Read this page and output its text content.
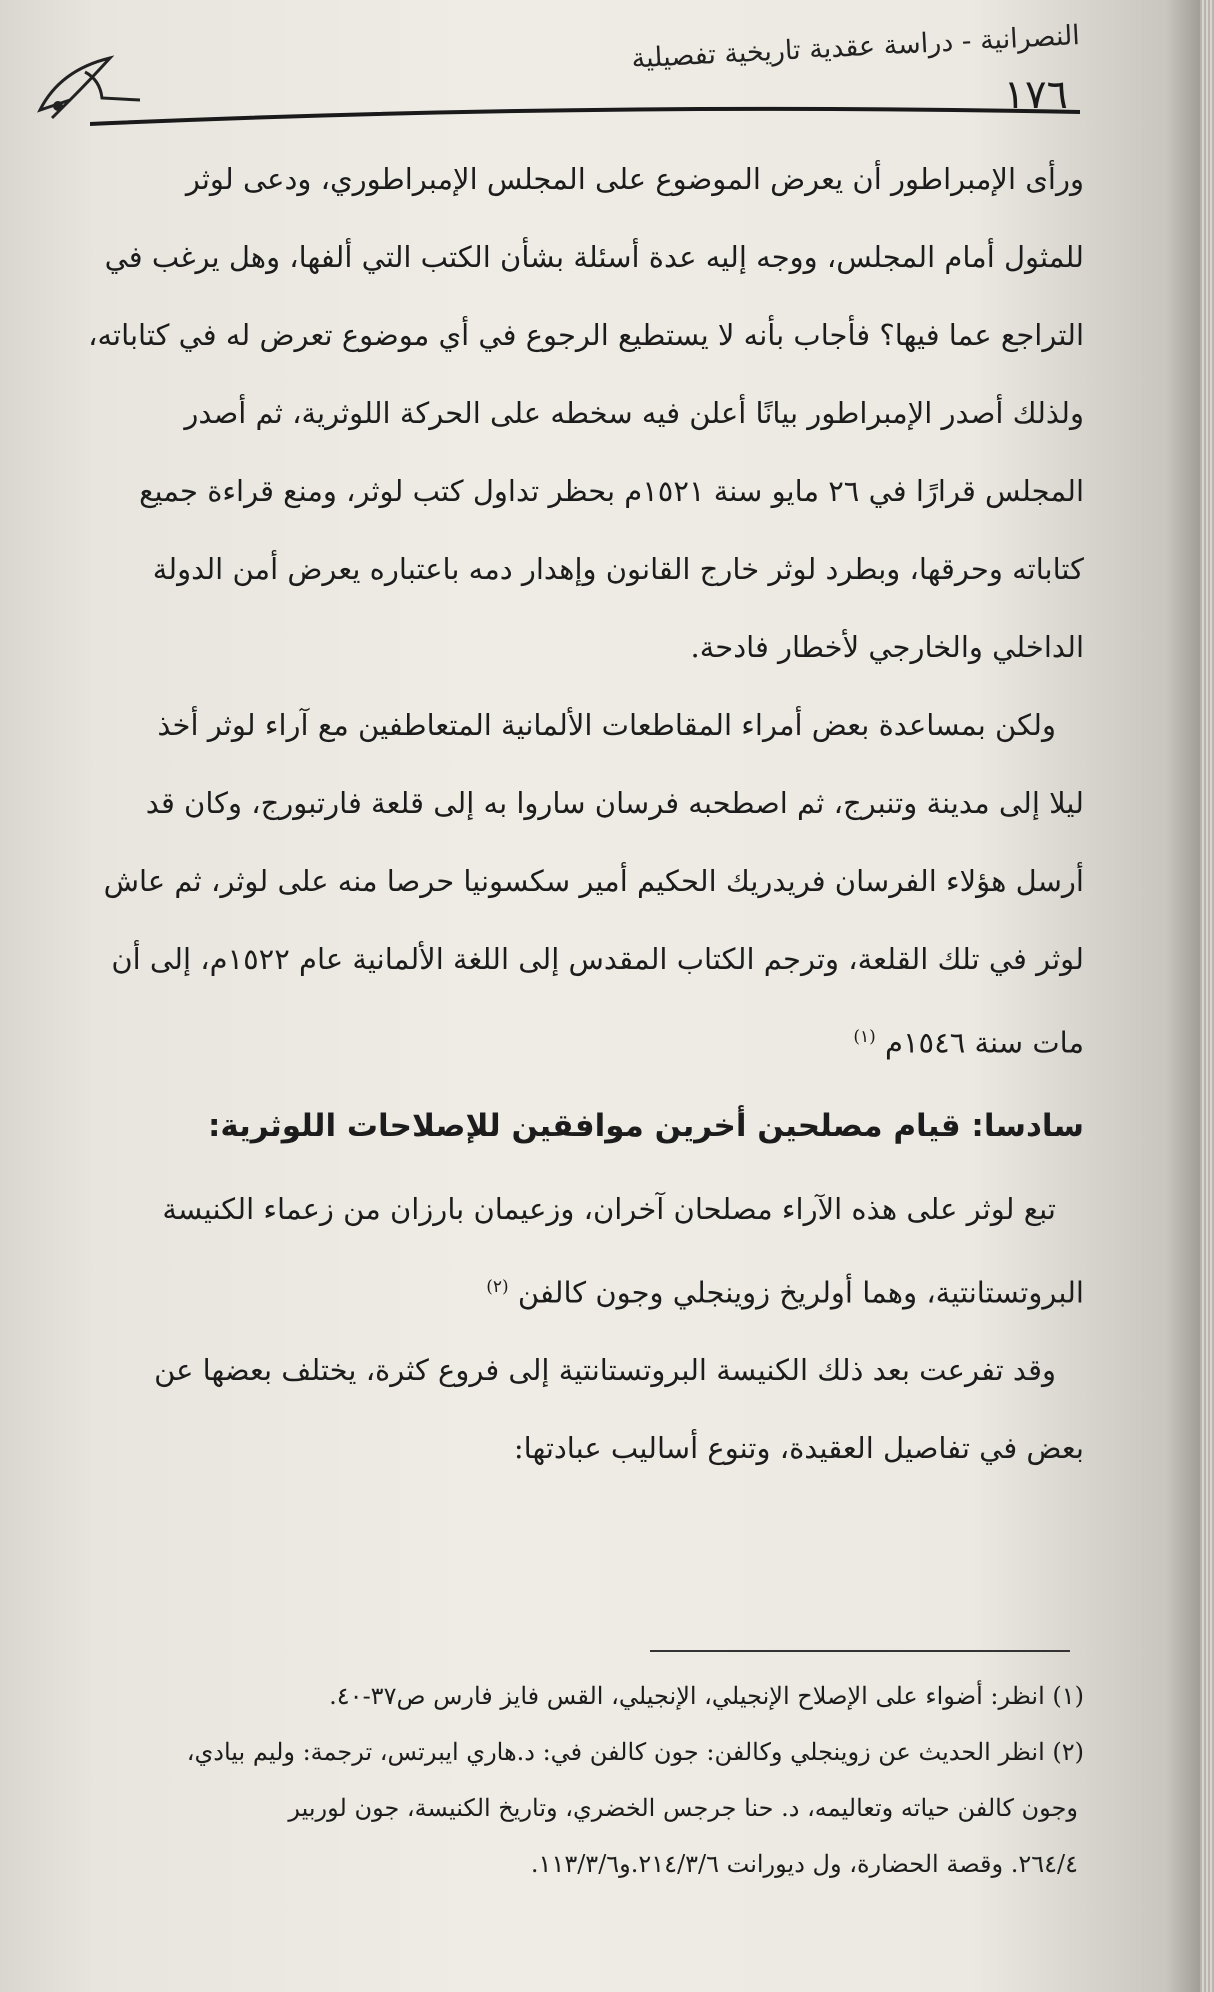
النصرانية - دراسة عقدية تاريخية تفصيلية
١٧٦

ورأى الإمبراطور أن يعرض الموضوع على المجلس الإمبراطوري، ودعى لوثر
للمثول أمام المجلس، ووجه إليه عدة أسئلة بشأن الكتب التي ألفها، وهل يرغب في
التراجع عما فيها؟ فأجاب بأنه لا يستطيع الرجوع في أي موضوع تعرض له في كتاباته،
ولذلك أصدر الإمبراطور بيانًا أعلن فيه سخطه على الحركة اللوثرية، ثم أصدر
المجلس قرارًا في ٢٦ مايو سنة ١٥٢١م بحظر تداول كتب لوثر، ومنع قراءة جميع
كتاباته وحرقها، وبطرد لوثر خارج القانون وإهدار دمه باعتباره يعرض أمن الدولة
الداخلي والخارجي لأخطار فادحة.

ولكن بمساعدة بعض أمراء المقاطعات الألمانية المتعاطفين مع آراء لوثر أخذ
ليلا إلى مدينة وتنبرج، ثم اصطحبه فرسان ساروا به إلى قلعة فارتبورج، وكان قد
أرسل هؤلاء الفرسان فريدريك الحكيم أمير سكسونيا حرصا منه على لوثر، ثم عاش
لوثر في تلك القلعة، وترجم الكتاب المقدس إلى اللغة الألمانية عام ١٥٢٢م، إلى أن
مات سنة ١٥٤٦م $^{(١)}$

سادسا: قيام مصلحين أخرين موافقين للإصلاحات اللوثرية:

تبع لوثر على هذه الآراء مصلحان آخران، وزعيمان بارزان من زعماء الكنيسة
البروتستانتية، وهما أولريخ زوينجلي وجون كالفن $^{(٢)}$

وقد تفرعت بعد ذلك الكنيسة البروتستانتية إلى فروع كثرة، يختلف بعضها عن
بعض في تفاصيل العقيدة، وتنوع أساليب عبادتها:

(١) انظر: أضواء على الإصلاح الإنجيلي، الإنجيلي، القس فايز فارس ص٣٧-٤٠.
(٢) انظر الحديث عن زوينجلي وكالفن: جون كالفن في: د.هاري ايبرتس، ترجمة: وليم بيادي،
وجون كالفن حياته وتعاليمه، د. حنا جرجس الخضري، وتاريخ الكنيسة، جون لوربير
٢٦٤/٤. وقصة الحضارة، ول ديورانت ٢١٤/٣/٦.و١١٣/٣/٦.
